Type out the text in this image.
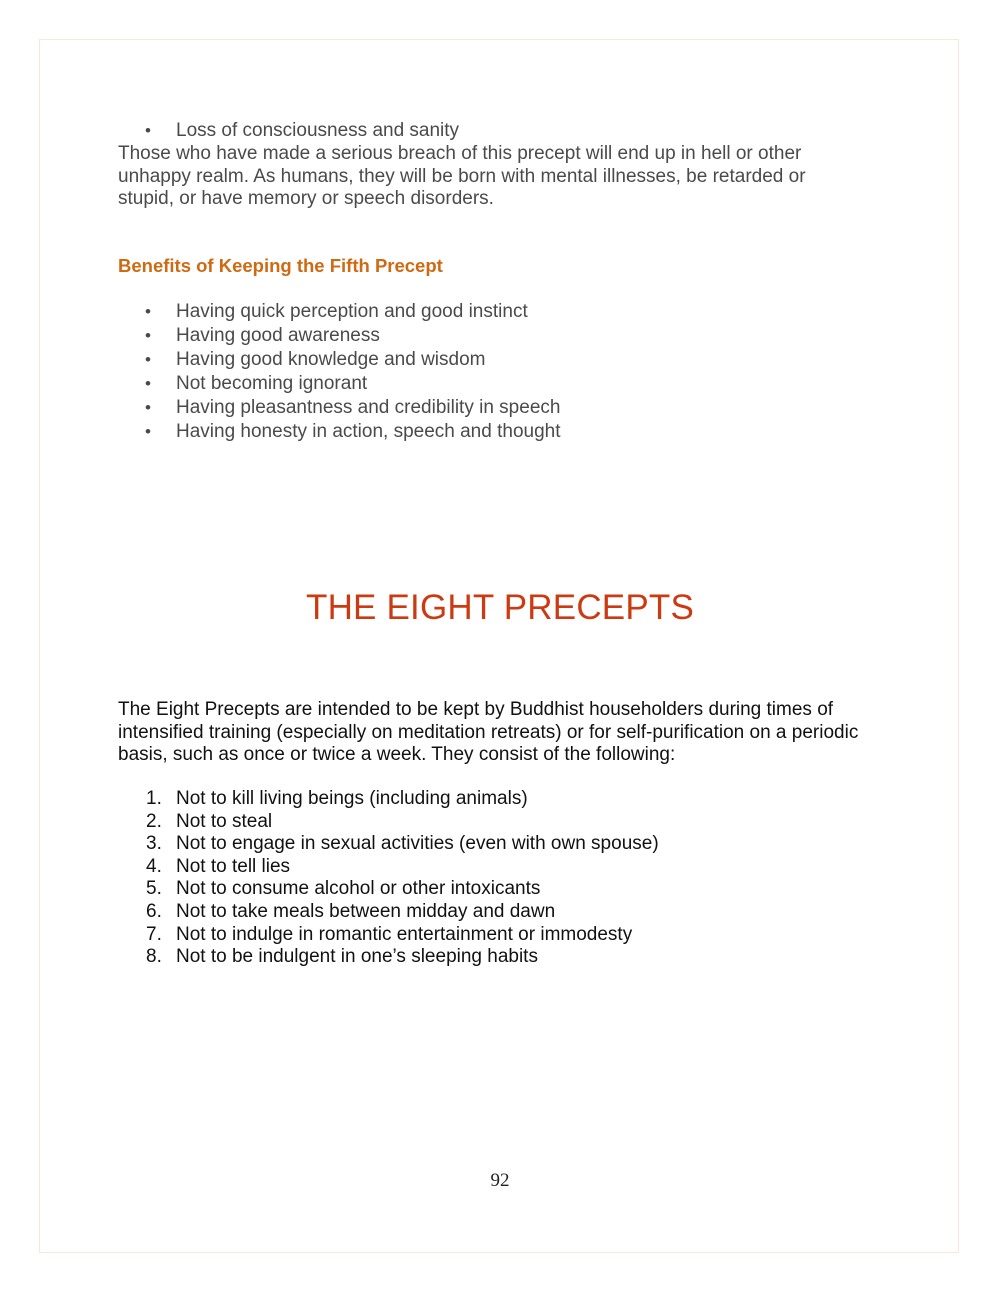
• Loss of consciousness and sanity

Those who have made a serious breach of this precept will end up in hell or other unhappy realm. As humans, they will be born with mental illnesses, be retarded or stupid, or have memory or speech disorders.

Benefits of Keeping the Fifth Precept
• Having quick perception and good instinct
• Having good awareness
• Having good knowledge and wisdom
• Not becoming ignorant
• Having pleasantness and credibility in speech
• Having honesty in action, speech and thought
THE EIGHT PRECEPTS

The Eight Precepts are intended to be kept by Buddhist householders during times of intensified training (especially on meditation retreats) or for self-purification on a periodic basis, such as once or twice a week. They consist of the following:

1. Not to kill living beings (including animals)
2. Not to steal
3. Not to engage in sexual activities (even with own spouse)
4. Not to tell lies
5. Not to consume alcohol or other intoxicants
6. Not to take meals between midday and dawn
7. Not to indulge in romantic entertainment or immodesty
8. Not to be indulgent in one’s sleeping habits

92
